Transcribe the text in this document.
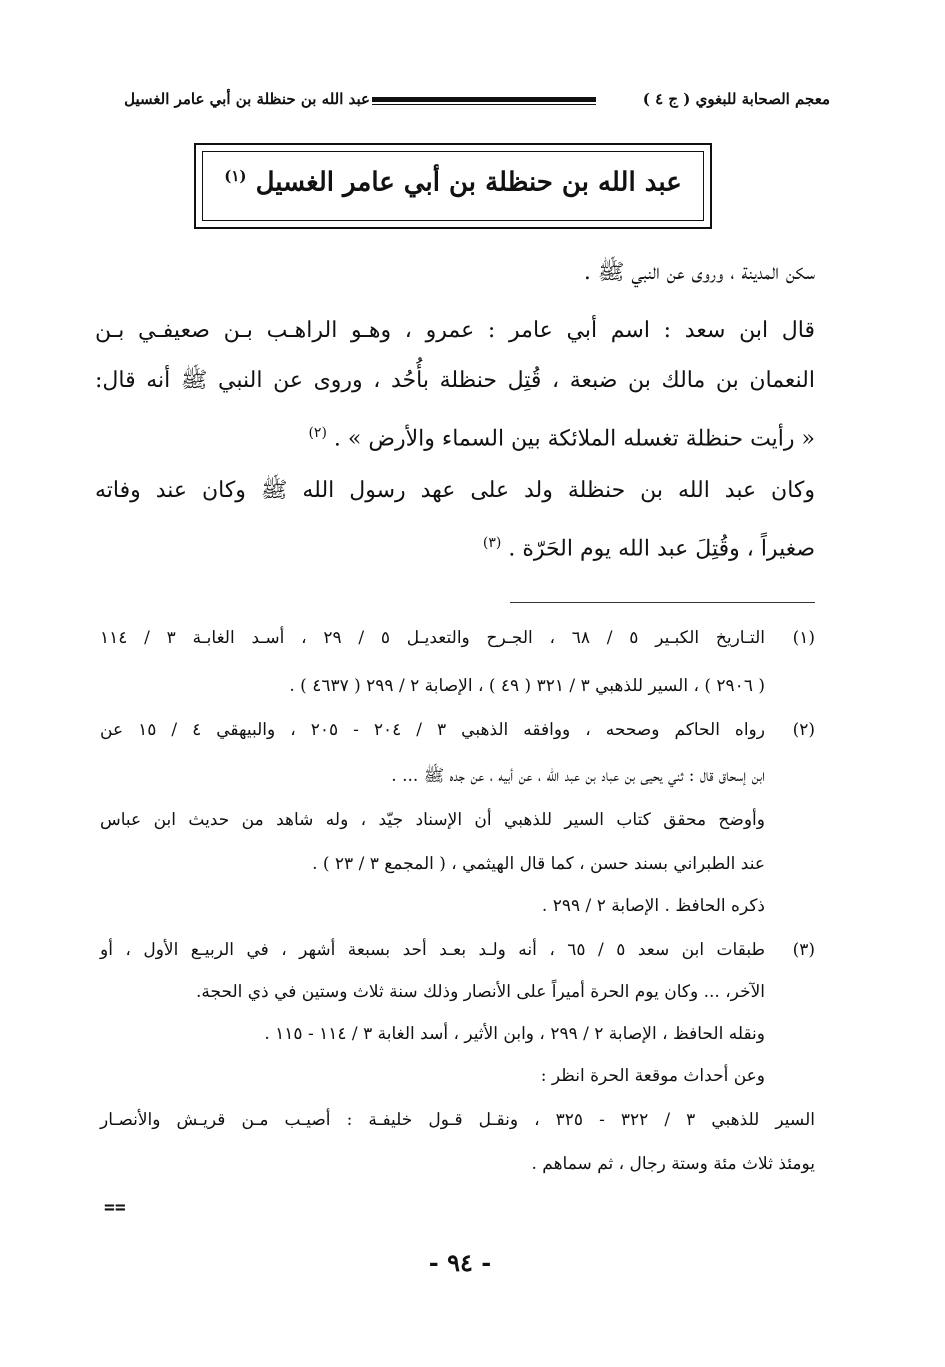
معجم الصحابة للبغوي ( ج ٤ )
عبد الله بن حنظلة بن أبي عامر الغسيل
عبد الله بن حنظلة بن أبي عامر الغسيل $^{(١)}$
سكن المدينة ، وروى عن النبي ﷺ .
قال ابن سعد : اسم أبي عامر : عمرو ، وهـو الراهـب بـن صعيفـي بـن
النعمان بن مالك بن ضبعة ، قُتِل حنظلة بأُحُد ، وروى عن النبي ﷺ أنه قال:
« رأيت حنظلة تغسله الملائكة بين السماء والأرض » . $^{(٢)}$
وكان عبد الله بن حنظلة ولد على عهد رسول الله ﷺ وكان عند وفاته
صغيراً ، وقُتِلَ عبد الله يوم الحَرّة . $^{(٣)}$
(١)
التـاريخ الكبـير ٥ / ٦٨ ، الجـرح والتعديـل ٥ / ٢٩ ، أسـد الغابـة ٣ / ١١٤
( ٢٩٠٦ ) ، السير للذهبي ٣ / ٣٢١ ( ٤٩ ) ، الإصابة ٢ / ٢٩٩ ( ٤٦٣٧ ) .
(٢)
رواه الحاكم وصححه ، ووافقه الذهبي ٣ / ٢٠٤ - ٢٠٥ ، والبيهقي ٤ / ١٥ عن
ابن إسحاق قال : ثني يحيى بن عباد بن عبد الله ، عن أبيه ، عن جده ﷺ ... .
وأوضح محقق كتاب السير للذهبي أن الإسناد جيّد ، وله شاهد من حديث ابن عباس
عند الطبراني بسند حسن ، كما قال الهيثمي ، ( المجمع ٣ / ٢٣ ) .
ذكره الحافظ . الإصابة ٢ / ٢٩٩ .
(٣)
طبقات ابن سعد ٥ / ٦٥ ، أنه ولـد بعـد أحد بسبعة أشهر ، في الربيـع الأول ، أو
الآخر، ... وكان يوم الحرة أميراً على الأنصار وذلك سنة ثلاث وستين في ذي الحجة.
ونقله الحافظ ، الإصابة ٢ / ٢٩٩ ، وابن الأثير ، أسد الغابة ٣ / ١١٤ - ١١٥ .
وعن أحداث موقعة الحرة انظر :
السير للذهبي ٣ / ٣٢٢ - ٣٢٥ ، ونقـل قـول خليفـة : أصيـب مـن قريـش والأنصـار
يومئذ ثلاث مئة وستة رجال ، ثم سماهم .
==
- ٩٤ -
